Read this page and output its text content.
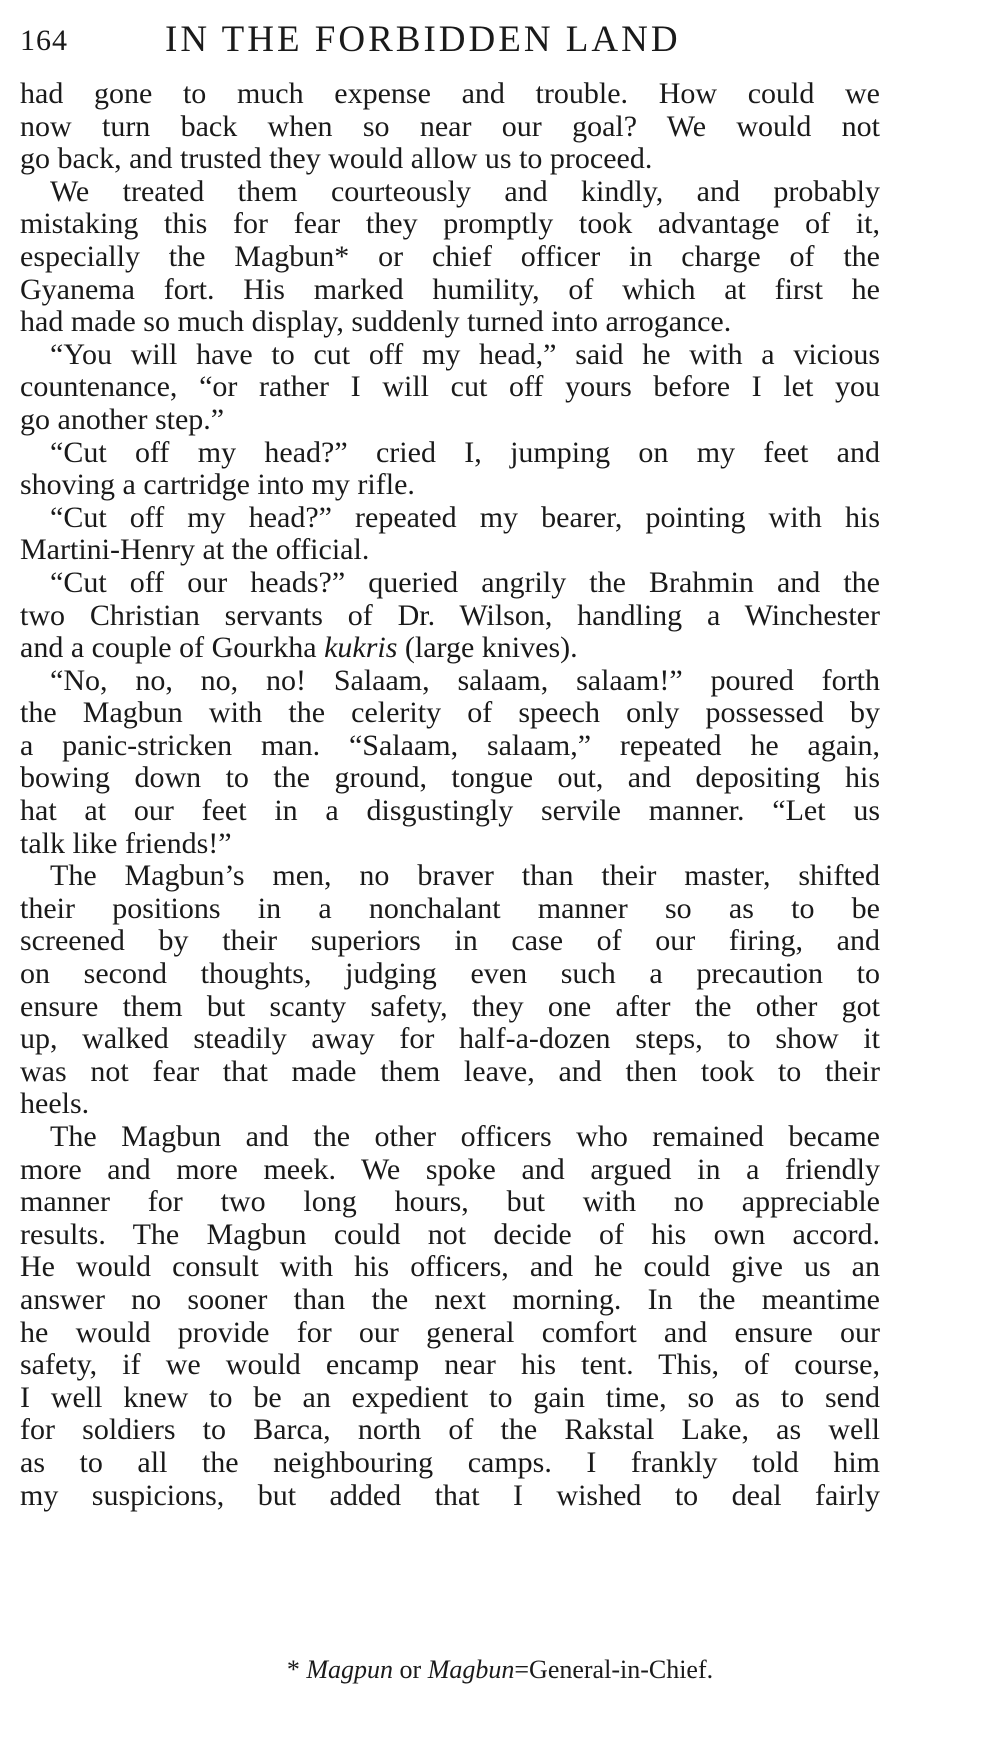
164	IN THE FORBIDDEN LAND
had gone to much expense and trouble. How could we
now turn back when so near our goal? We would not
go back, and trusted they would allow us to proceed.
We treated them courteously and kindly, and probably
mistaking this for fear they promptly took advantage of it,
especially the Magbun* or chief officer in charge of the
Gyanema fort. His marked humility, of which at first he
had made so much display, suddenly turned into arrogance.
“You will have to cut off my head,” said he with a vicious
countenance, “or rather I will cut off yours before I let you
go another step.”
“Cut off my head?” cried I, jumping on my feet and
shoving a cartridge into my rifle.
“Cut off my head?” repeated my bearer, pointing with his
Martini-Henry at the official.
“Cut off our heads?” queried angrily the Brahmin and the
two Christian servants of Dr. Wilson, handling a Winchester
and a couple of Gourkha kukris (large knives).
“No, no, no, no! Salaam, salaam, salaam!” poured forth
the Magbun with the celerity of speech only possessed by
a panic-stricken man. “Salaam, salaam,” repeated he again,
bowing down to the ground, tongue out, and depositing his
hat at our feet in a disgustingly servile manner. “Let us
talk like friends!”
The Magbun’s men, no braver than their master, shifted
their positions in a nonchalant manner so as to be
screened by their superiors in case of our firing, and
on second thoughts, judging even such a precaution to
ensure them but scanty safety, they one after the other got
up, walked steadily away for half-a-dozen steps, to show it
was not fear that made them leave, and then took to their
heels.
The Magbun and the other officers who remained became
more and more meek. We spoke and argued in a friendly
manner for two long hours, but with no appreciable
results. The Magbun could not decide of his own accord.
He would consult with his officers, and he could give us an
answer no sooner than the next morning. In the meantime
he would provide for our general comfort and ensure our
safety, if we would encamp near his tent. This, of course,
I well knew to be an expedient to gain time, so as to send
for soldiers to Barca, north of the Rakstal Lake, as well
as to all the neighbouring camps. I frankly told him
my suspicions, but added that I wished to deal fairly
* Magpun or Magbun=General-in-Chief.
